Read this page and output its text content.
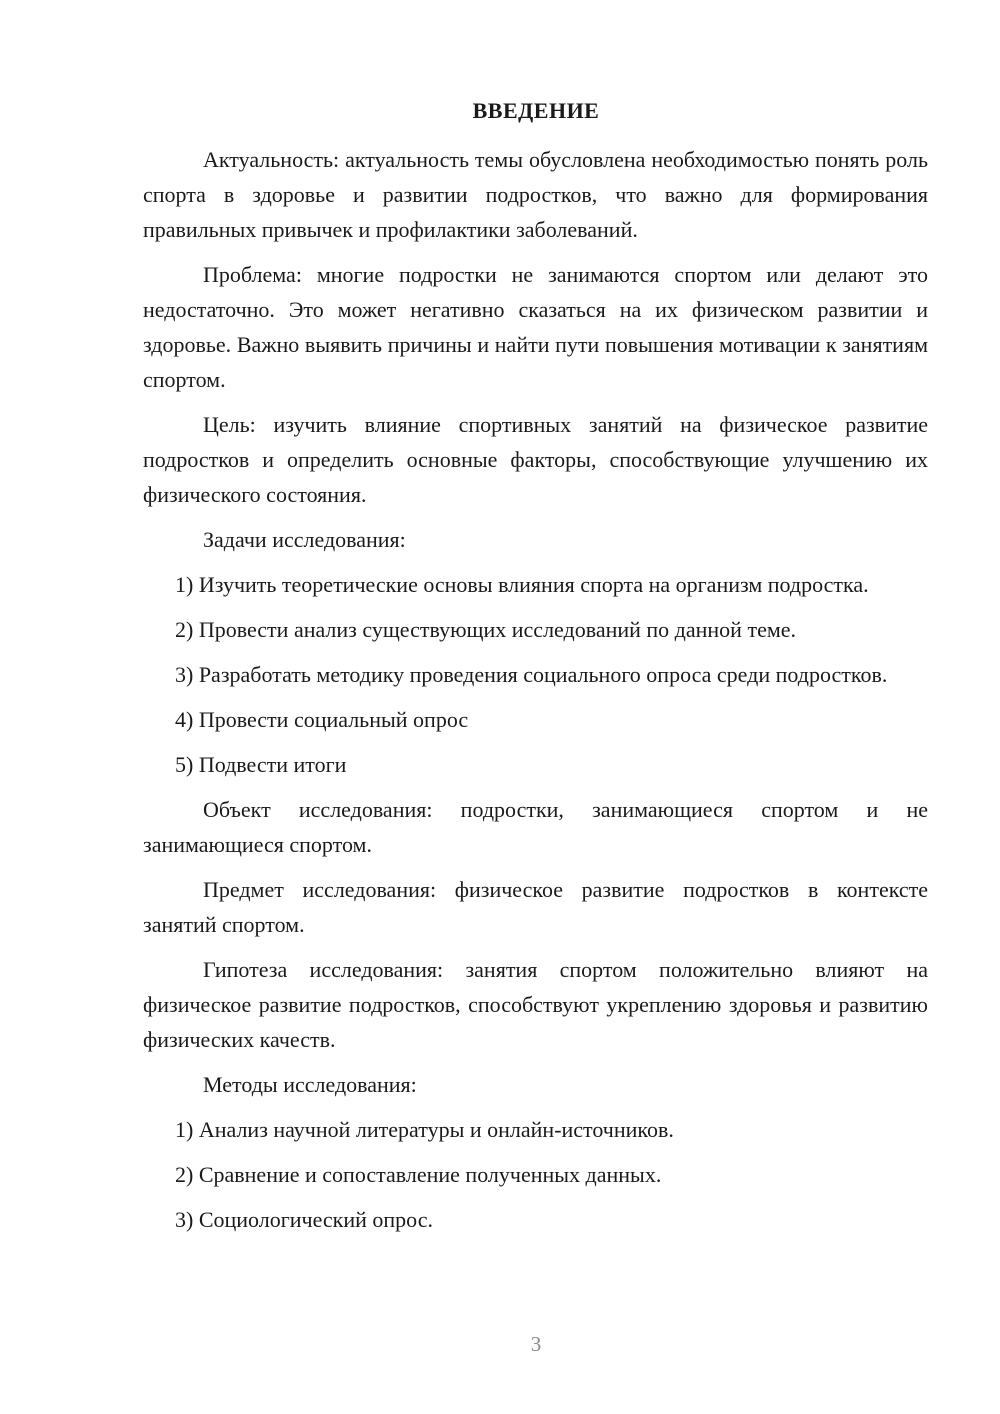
ВВЕДЕНИЕ

Актуальность: актуальность темы обусловлена необходимостью понять роль спорта в здоровье и развитии подростков, что важно для формирования правильных привычек и профилактики заболеваний.

Проблема: многие подростки не занимаются спортом или делают это недостаточно. Это может негативно сказаться на их физическом развитии и здоровье. Важно выявить причины и найти пути повышения мотивации к занятиям спортом.

Цель: изучить влияние спортивных занятий на физическое развитие подростков и определить основные факторы, способствующие улучшению их физического состояния.

Задачи исследования:

1) Изучить теоретические основы влияния спорта на организм подростка.

2) Провести анализ существующих исследований по данной теме.

3) Разработать методику проведения социального опроса среди подростков.

4) Провести социальный опрос

5) Подвести итоги

Объект исследования: подростки, занимающиеся спортом и не занимающиеся спортом.

Предмет исследования: физическое развитие подростков в контексте занятий спортом.

Гипотеза исследования: занятия спортом положительно влияют на физическое развитие подростков, способствуют укреплению здоровья и развитию физических качеств.

Методы исследования:

1) Анализ научной литературы и онлайн-источников.

2) Сравнение и сопоставление полученных данных.

3) Социологический опрос.

3
